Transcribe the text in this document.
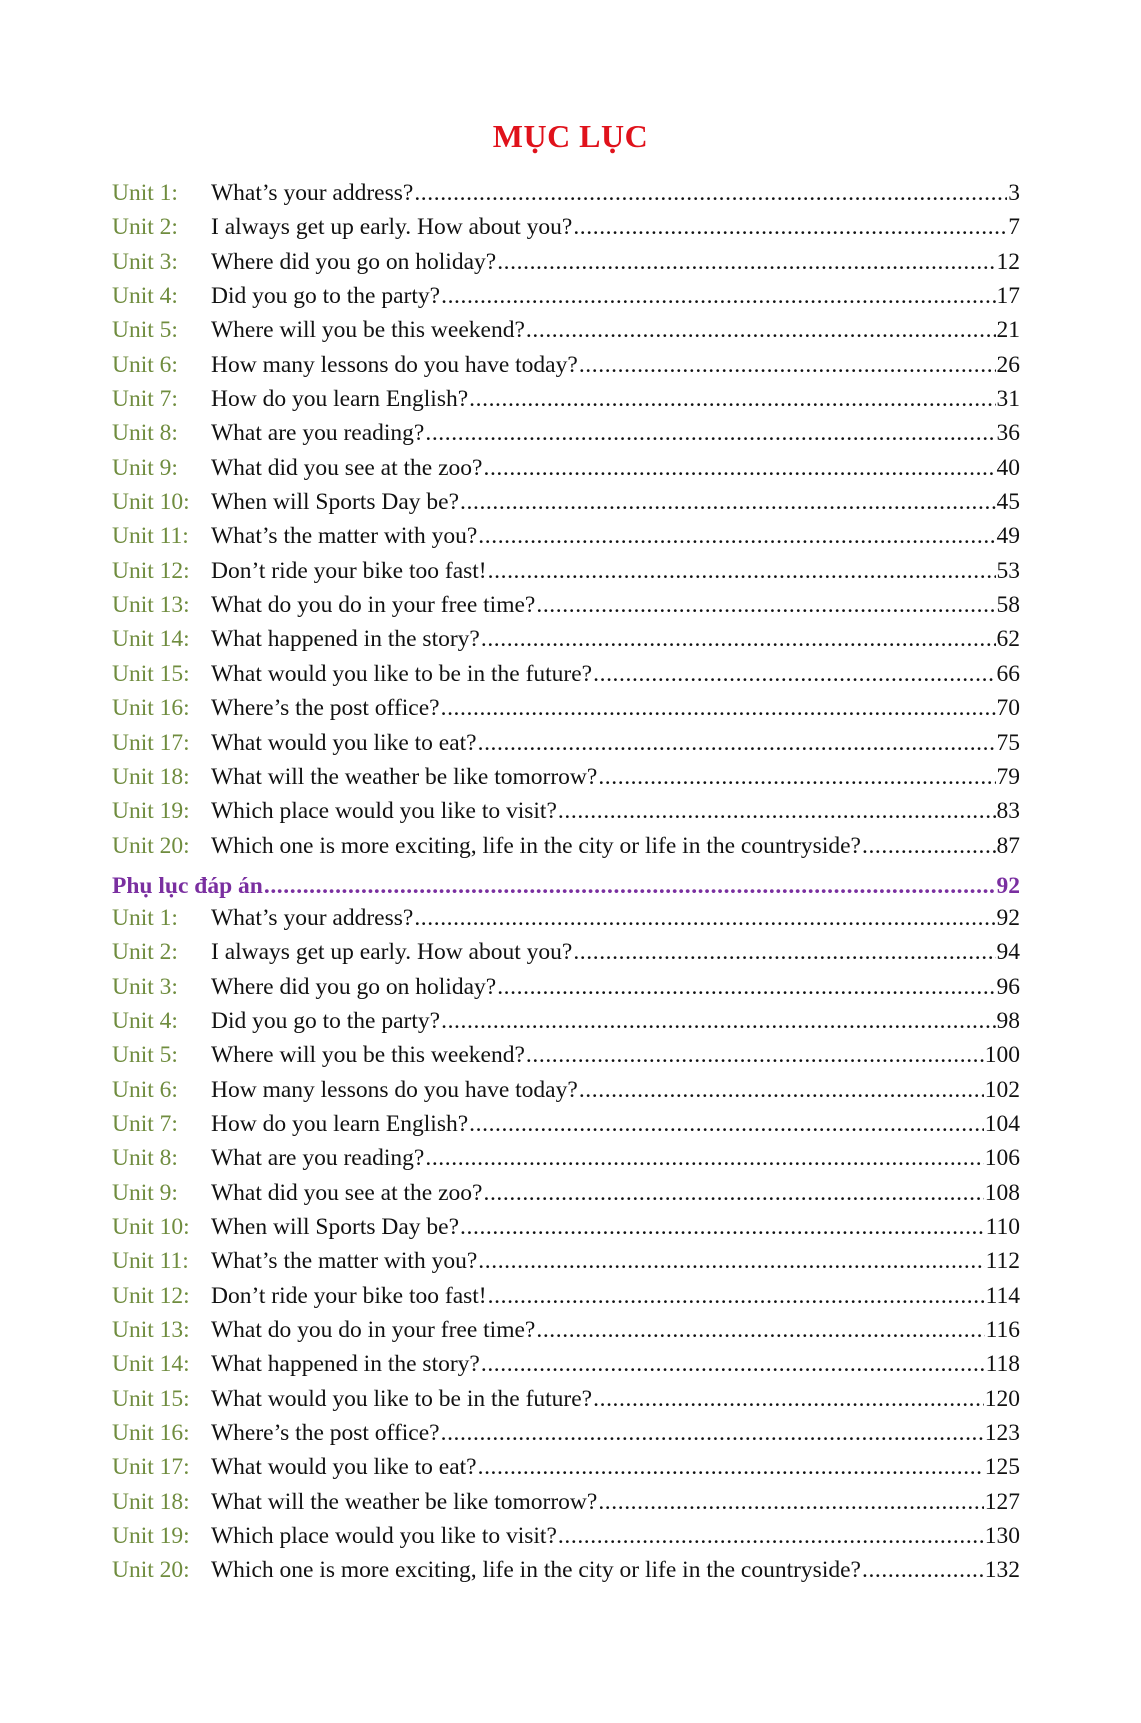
MỤC LỤC
Unit 1:	What’s your address? .....	3
Unit 2:	I always get up early. How about you? .....	7
Unit 3:	Where did you go on holiday? .....	12
Unit 4:	Did you go to the party? .....	17
Unit 5:	Where will you be this weekend? .....	21
Unit 6:	How many lessons do you have today? .....	26
Unit 7:	How do you learn English? .....	31
Unit 8:	What are you reading? .....	36
Unit 9:	What did you see at the zoo? .....	40
Unit 10: When will Sports Day be? .....	45
Unit 11: What’s the matter with you? .....	49
Unit 12: Don’t ride your bike too fast! .....	53
Unit 13: What do you do in your free time? .....	58
Unit 14: What happened in the story? .....	62
Unit 15: What would you like to be in the future? .....	66
Unit 16: Where’s the post office? .....	70
Unit 17: What would you like to eat? .....	75
Unit 18: What will the weather be like tomorrow? .....	79
Unit 19: Which place would you like to visit? .....	83
Unit 20: Which one is more exciting, life in the city or life in the countryside? .....	87
Phụ lục đáp án .....	92
Unit 1:	What’s your address? .....	92
Unit 2:	I always get up early. How about you? .....	94
Unit 3:	Where did you go on holiday? .....	96
Unit 4:	Did you go to the party? .....	98
Unit 5:	Where will you be this weekend? .....	100
Unit 6:	How many lessons do you have today? .....	102
Unit 7:	How do you learn English? .....	104
Unit 8:	What are you reading? .....	106
Unit 9:	What did you see at the zoo? .....	108
Unit 10: When will Sports Day be? .....	110
Unit 11: What’s the matter with you? .....	112
Unit 12: Don’t ride your bike too fast! .....	114
Unit 13: What do you do in your free time? .....	116
Unit 14: What happened in the story? .....	118
Unit 15: What would you like to be in the future? .....	120
Unit 16: Where’s the post office? .....	123
Unit 17: What would you like to eat? .....	125
Unit 18: What will the weather be like tomorrow? .....	127
Unit 19: Which place would you like to visit? .....	130
Unit 20: Which one is more exciting, life in the city or life in the countryside? .....	132
